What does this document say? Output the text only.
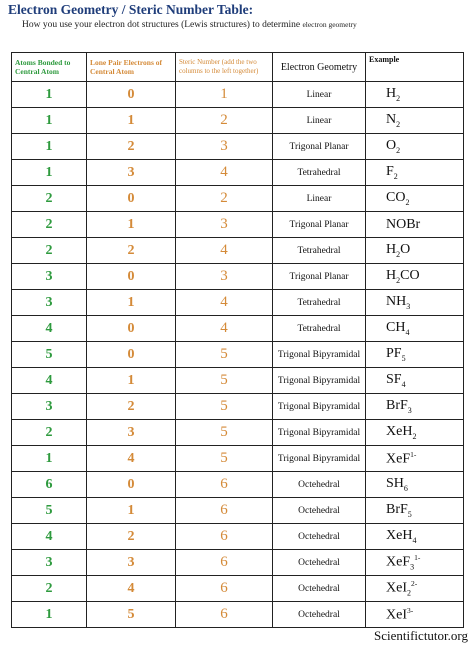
Electron Geometry / Steric Number Table:
How you use your electron dot structures (Lewis structures) to determine electron geometry
Atoms Bonded to Central Atom	Lone Pair Electrons of Central Atom	Steric Number (add the two columns to the left together)	Electron Geometry	Example
1	0	1	Linear	$H_2$
1	1	2	Linear	$N_2$
1	2	3	Trigonal Planar	$O_2$
1	3	4	Tetrahedral	$F_2$
2	0	2	Linear	$CO_2$
2	1	3	Trigonal Planar	NOBr
2	2	4	Tetrahedral	$H_2O$
3	0	3	Trigonal Planar	$H_2CO$
3	1	4	Tetrahedral	$NH_3$
4	0	4	Tetrahedral	$CH_4$
5	0	5	Trigonal Bipyramidal	$PF_5$
4	1	5	Trigonal Bipyramidal	$SF_4$
3	2	5	Trigonal Bipyramidal	BrF$_3$
2	3	5	Trigonal Bipyramidal	XeH$_2$
1	4	5	Trigonal Bipyramidal	XeF$^{1-}$
6	0	6	Octehedral	$SH_6$
5	1	6	Octehedral	BrF$_5$
4	2	6	Octehedral	XeH$_4$
3	3	6	Octehedral	XeF$_3^{1-}$
2	4	6	Octehedral	XeI$_2^{2-}$
1	5	6	Octehedral	XeI$^{3-}$
Scientifictutor.org
